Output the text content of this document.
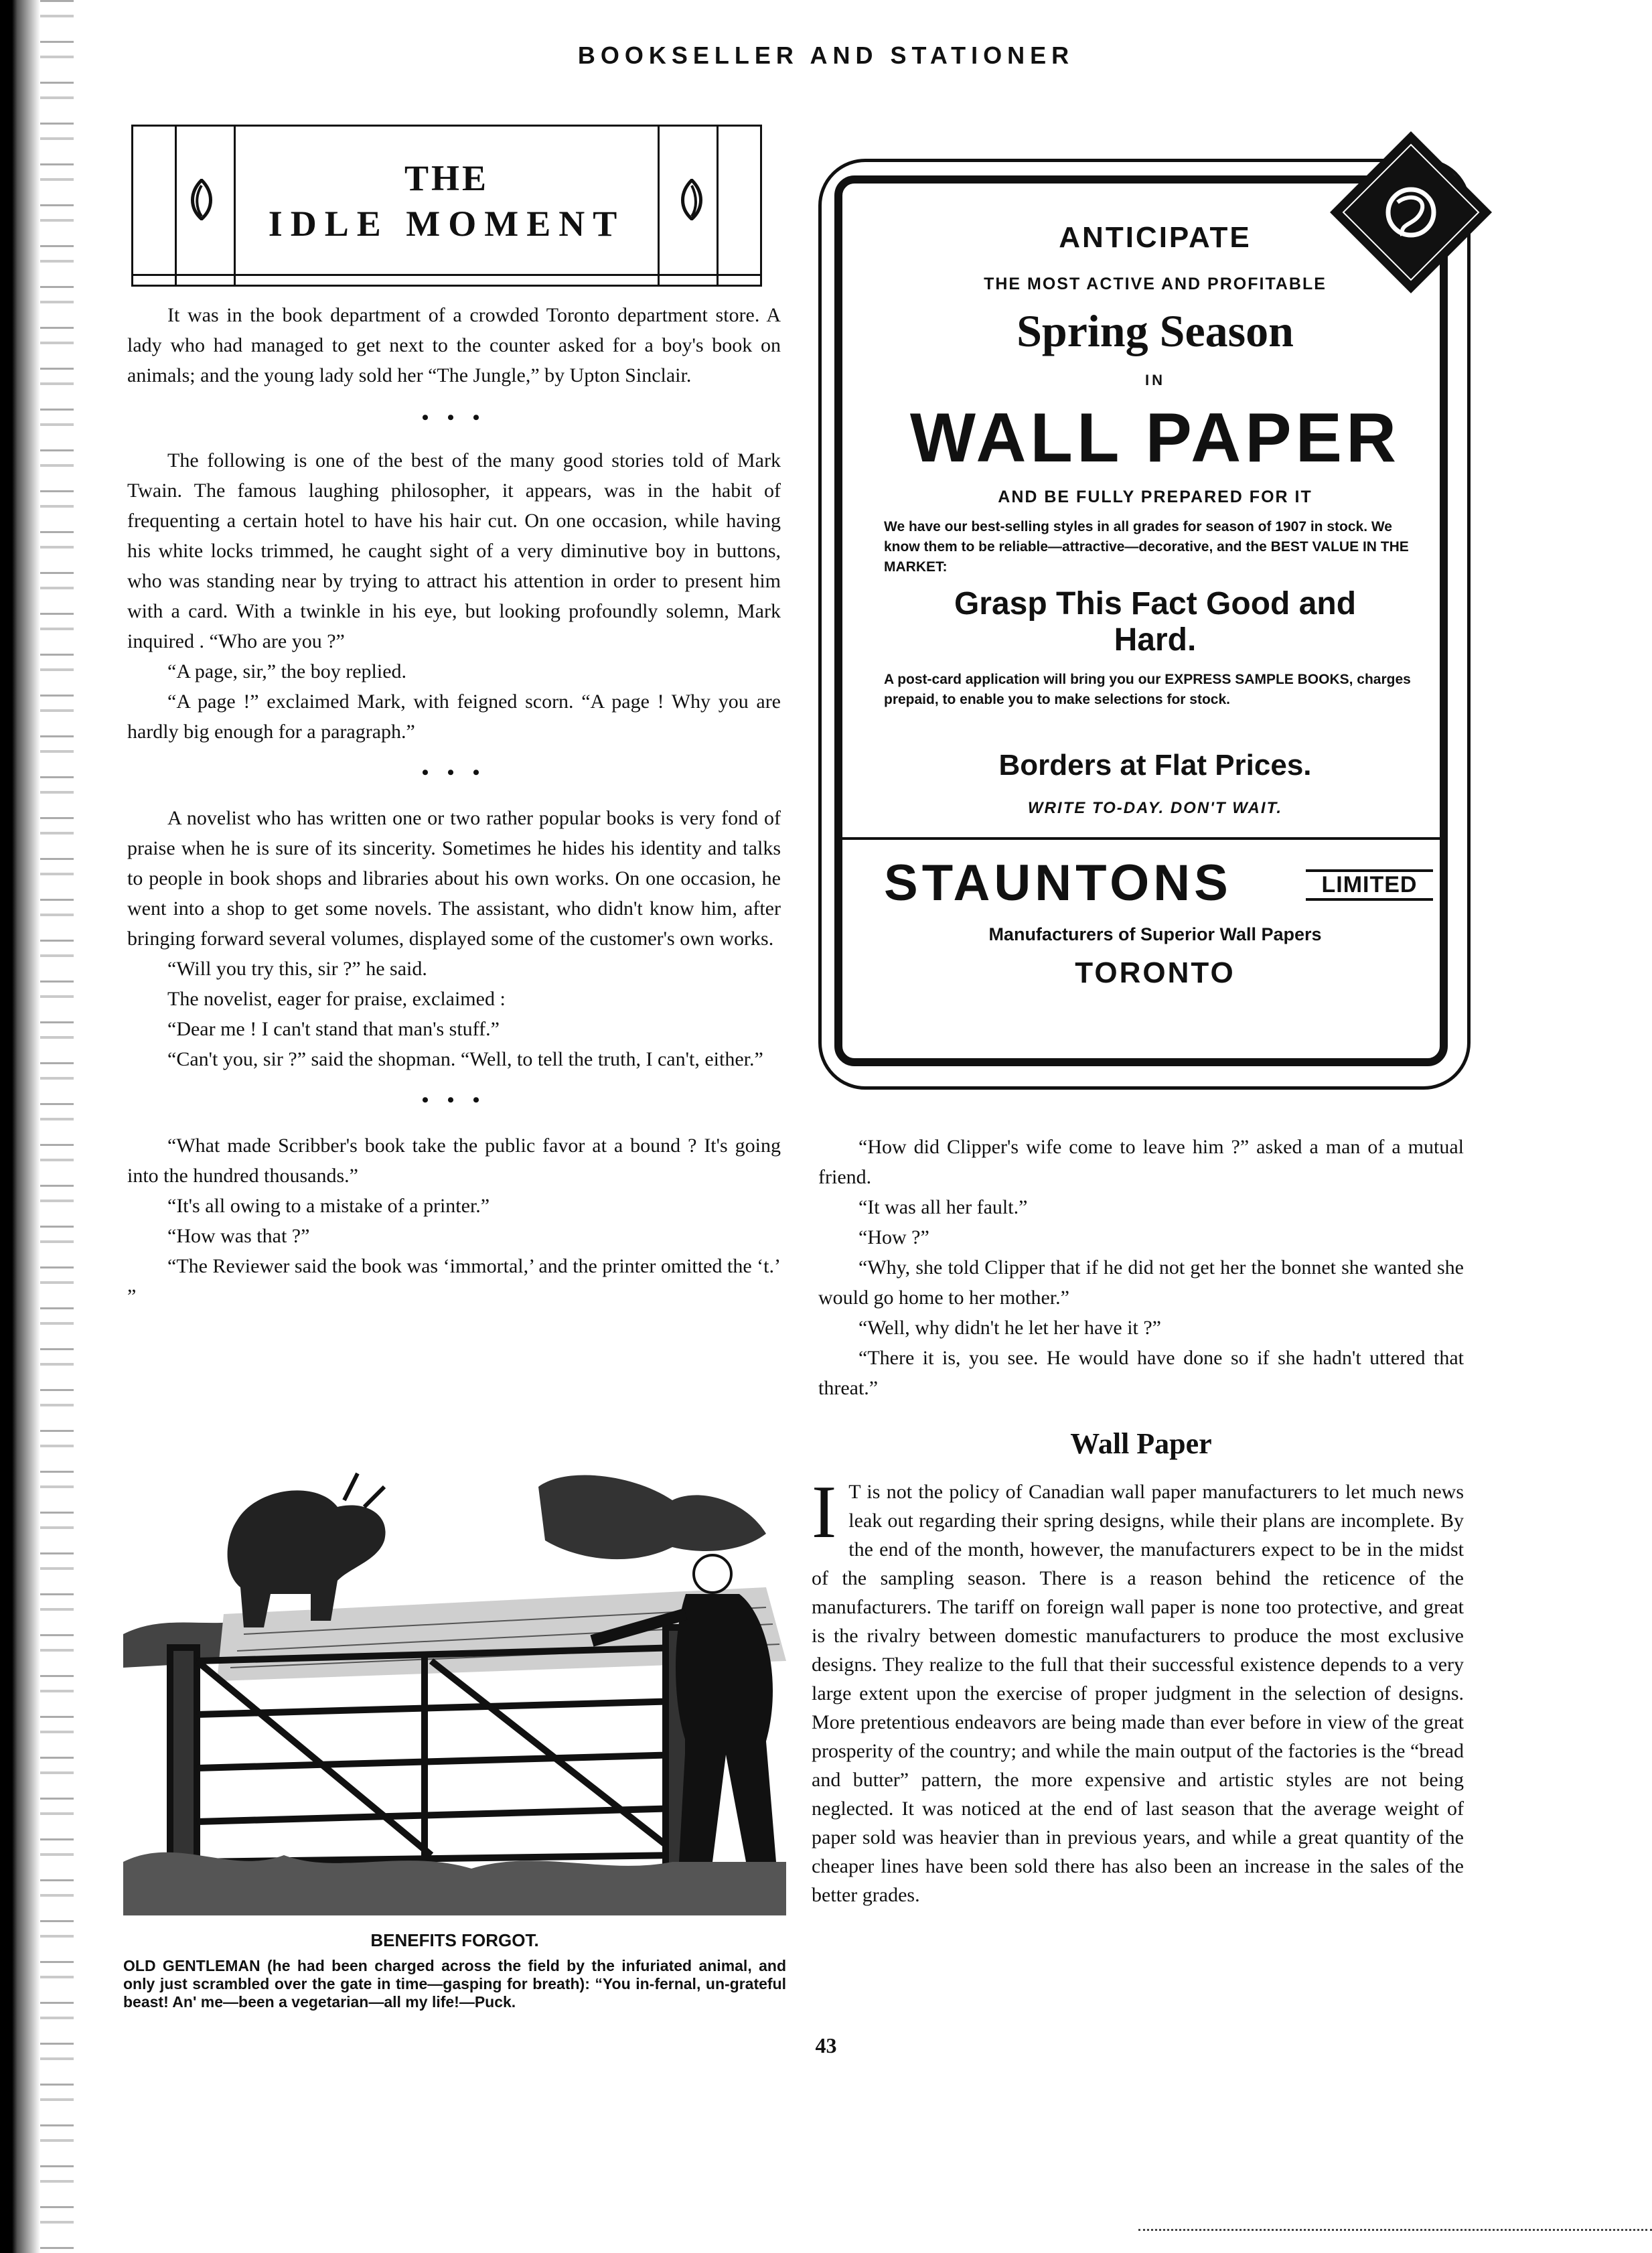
BOOKSELLER AND STATIONER
THE
IDLE MOMENT

It was in the book department of a crowded Toronto department store. A lady who had managed to get next to the counter asked for a boy's book on animals; and the young lady sold her “The Jungle,” by Upton Sinclair.

• • •

The following is one of the best of the many good stories told of Mark Twain. The famous laughing philosopher, it appears, was in the habit of frequenting a certain hotel to have his hair cut. On one occasion, while having his white locks trimmed, he caught sight of a very diminutive boy in buttons, who was standing near by trying to attract his attention in order to present him with a card. With a twinkle in his eye, but looking profoundly solemn, Mark inquired . “Who are you ?”

“A page, sir,” the boy replied.

“A page !” exclaimed Mark, with feigned scorn. “A page ! Why you are hardly big enough for a paragraph.”

• • •

A novelist who has written one or two rather popular books is very fond of praise when he is sure of its sincerity. Sometimes he hides his identity and talks to people in book shops and libraries about his own works. On one occasion, he went into a shop to get some novels. The assistant, who didn't know him, after bringing forward several volumes, displayed some of the customer's own works.

“Will you try this, sir ?” he said.

The novelist, eager for praise, exclaimed :

“Dear me ! I can't stand that man's stuff.”

“Can't you, sir ?” said the shopman. “Well, to tell the truth, I can't, either.”

• • •

“What made Scribber's book take the public favor at a bound ? It's going into the hundred thousands.”

“It's all owing to a mistake of a printer.”

“How was that ?”

“The Reviewer said the book was ‘immortal,’ and the printer omitted the ‘t.’ ”

BENEFITS FORGOT.
OLD GENTLEMAN (he had been charged across the field by the infuriated animal, and only just scrambled over the gate in time—gasping for breath): “You in-fernal, un-grateful beast! An' me—been a vegetarian—all my life!—Puck.
ANTICIPATE
THE MOST ACTIVE AND PROFITABLE
Spring Season
IN
WALL PAPER
AND BE FULLY PREPARED FOR IT
We have our best-selling styles in all grades for season of 1907 in stock. We know them to be reliable—attractive—decorative, and the BEST VALUE IN THE MARKET:
Grasp This Fact Good and Hard.
A post-card application will bring you our EXPRESS SAMPLE BOOKS, charges prepaid, to enable you to make selections for stock.
Borders at Flat Prices.
WRITE TO-DAY. DON'T WAIT.
STAUNTONS	LIMITED
Manufacturers of Superior Wall Papers
TORONTO

“How did Clipper's wife come to leave him ?” asked a man of a mutual friend.

“It was all her fault.”

“How ?”

“Why, she told Clipper that if he did not get her the bonnet she wanted she would go home to her mother.”

“Well, why didn't he let her have it ?”

“There it is, you see. He would have done so if she hadn't uttered that threat.”

Wall Paper
I T is not the policy of Canadian wall paper manufacturers to let much news leak out regarding their spring designs, while their plans are incomplete. By the end of the month, however, the manufacturers expect to be in the midst of the sampling season. There is a reason behind the reticence of the manufacturers. The tariff on foreign wall paper is none too protective, and great is the rivalry between domestic manufacturers to produce the most exclusive designs. They realize to the full that their successful existence depends to a very large extent upon the exercise of proper judgment in the selection of designs. More pretentious endeavors are being made than ever before in view of the great prosperity of the country; and while the main output of the factories is the “bread and butter” pattern, the more expensive and artistic styles are not being neglected. It was noticed at the end of last season that the average weight of paper sold was heavier than in previous years, and while a great quantity of the cheaper lines have been sold there has also been an increase in the sales of the better grades.

43
